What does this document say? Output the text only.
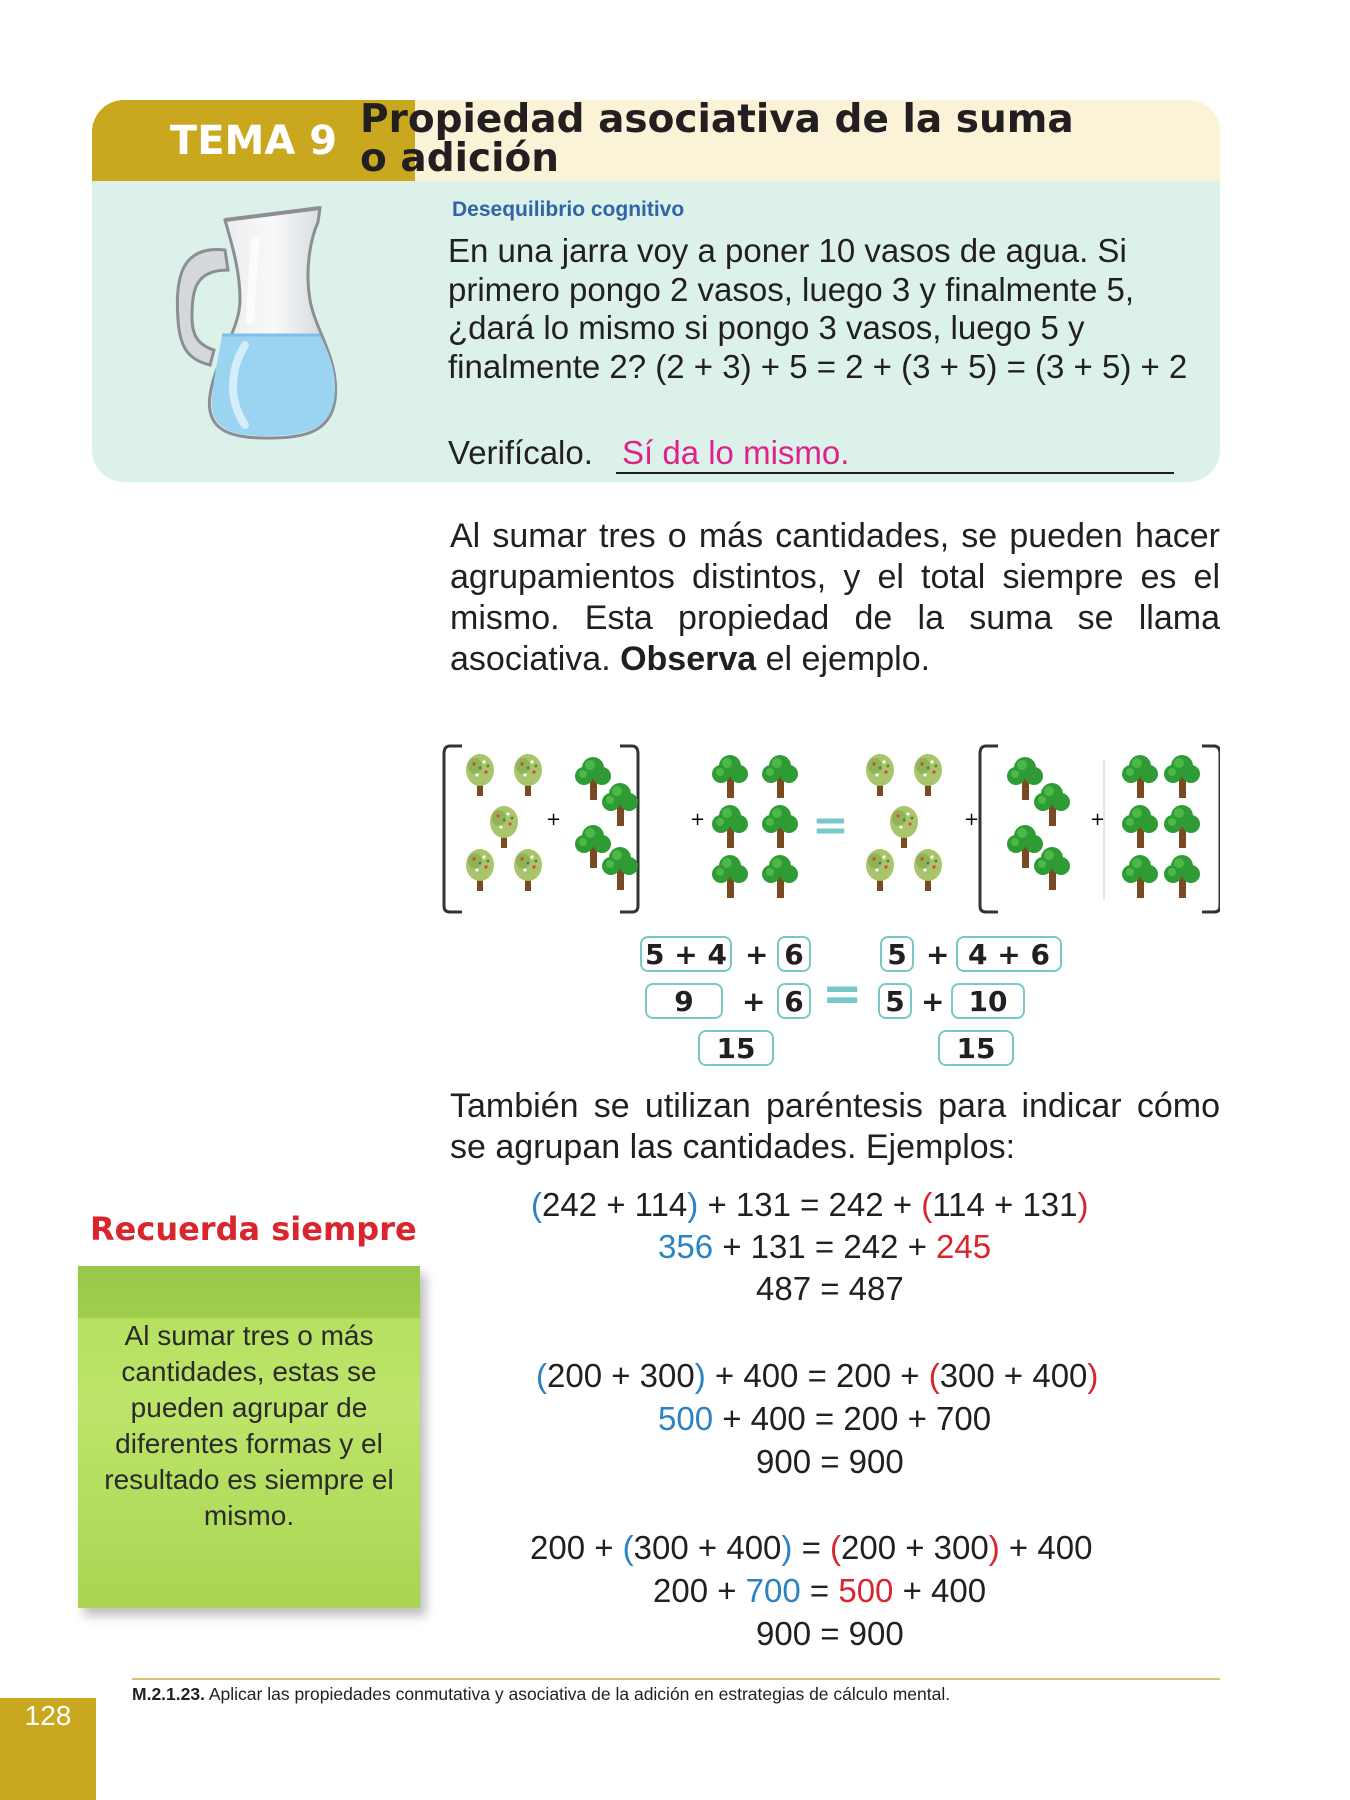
TEMA 9 Propiedad asociativa de la suma
o adición
Desequilibrio cognitivo
En una jarra voy a poner 10 vasos de agua. Si primero pongo 2 vasos, luego 3 y finalmente 5, ¿dará lo mismo si pongo 3 vasos, luego 5 y finalmente 2? (2 + 3) + 5 = 2 + (3 + 5) = (3 + 5) + 2
Verifícalo. Sí da lo mismo.
Al sumar tres o más cantidades, se pueden hacer agrupamientos distintos, y el total siempre es el mismo. Esta propiedad de la suma se llama asociativa. Observa el ejemplo.
+	+ =	+	+
5 + 4 + 6	5 + 4 + 6
9	+ 6 = 5 + 10
15	15
También se utilizan paréntesis para indicar cómo se agrupan las cantidades. Ejemplos:
(242 + 114) + 131 = 242 + (114 + 131)
356 + 131 = 242 + 245
487 = 487
(200 + 300) + 400 = 200 + (300 + 400)
500 + 400 = 200 + 700
900 = 900
200 + (300 + 400) = (200 + 300) + 400
200 + 700 = 500 + 400
900 = 900
Recuerda siempre
Al sumar tres o más cantidades, estas se pueden agrupar de diferentes formas y el resultado es siempre el mismo.
M.2.1.23. Aplicar las propiedades conmutativa y asociativa de la adición en estrategias de cálculo mental.
128
